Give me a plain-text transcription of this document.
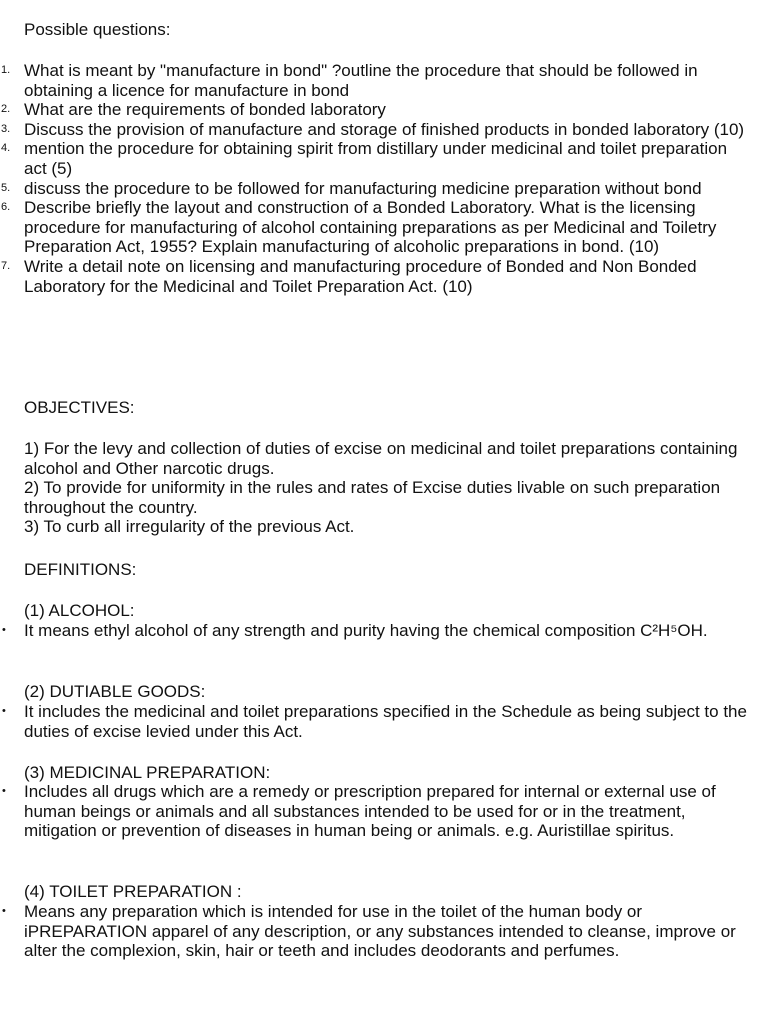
Possible questions:
1. What is meant by "manufacture in bond" ?outline the procedure that should be followed in obtaining a licence for manufacture in bond
2. What are the requirements of bonded laboratory
3. Discuss the provision of manufacture and storage of finished products in bonded laboratory (10)
4. mention the procedure for obtaining spirit from distillary under medicinal and toilet preparation act (5)
5. discuss the procedure to be followed for manufacturing medicine preparation without bond
6. Describe briefly the layout and construction of a Bonded Laboratory. What is the licensing procedure for manufacturing of alcohol containing preparations as per Medicinal and Toiletry Preparation Act, 1955? Explain manufacturing of alcoholic preparations in bond. (10)
7. Write a detail note on licensing and manufacturing procedure of Bonded and Non Bonded Laboratory for the Medicinal and Toilet Preparation Act. (10)
OBJECTIVES:

1) For the levy and collection of duties of excise on medicinal and toilet preparations containing alcohol and Other narcotic drugs.

2) To provide for uniformity in the rules and rates of Excise duties livable on such preparation throughout the country.

3) To curb all irregularity of the previous Act.

DEFINITIONS:

(1) ALCOHOL:

• It means ethyl alcohol of any strength and purity having the chemical composition C²H⁵OH.

(2) DUTIABLE GOODS:

• It includes the medicinal and toilet preparations specified in the Schedule as being subject to the duties of excise levied under this Act.

(3) MEDICINAL PREPARATION:

• Includes all drugs which are a remedy or prescription prepared for internal or external use of human beings or animals and all substances intended to be used for or in the treatment, mitigation or prevention of diseases in human being or animals. e.g. Auristillae spiritus.

(4) TOILET PREPARATION :

• Means any preparation which is intended for use in the toilet of the human body or iPREPARATION apparel of any description, or any substances intended to cleanse, improve or alter the complexion, skin, hair or teeth and includes deodorants and perfumes.
